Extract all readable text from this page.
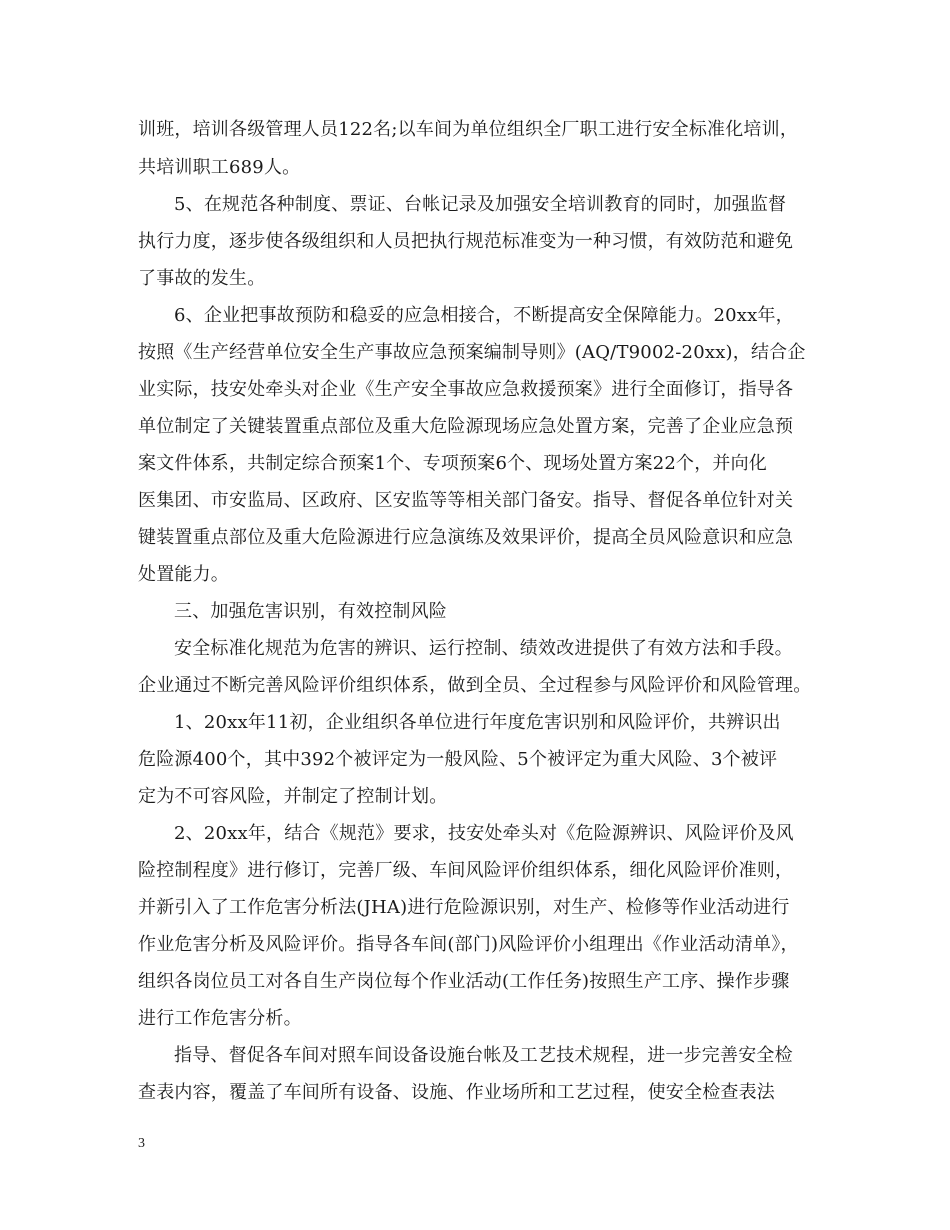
训班，培训各级管理人员122名;以车间为单位组织全厂职工进行安全标准化培训，

共培训职工689人。

5、在规范各种制度、票证、台帐记录及加强安全培训教育的同时，加强监督

执行力度，逐步使各级组织和人员把执行规范标准变为一种习惯，有效防范和避免

了事故的发生。

6、企业把事故预防和稳妥的应急相接合，不断提高安全保障能力。20xx年，

按照《生产经营单位安全生产事故应急预案编制导则》(AQ/T9002-20xx)，结合企

业实际，技安处牵头对企业《生产安全事故应急救援预案》进行全面修订，指导各

单位制定了关键装置重点部位及重大危险源现场应急处置方案，完善了企业应急预

案文件体系，共制定综合预案1个、专项预案6个、现场处置方案22个，并向化

医集团、市安监局、区政府、区安监等等相关部门备安。指导、督促各单位针对关

键装置重点部位及重大危险源进行应急演练及效果评价，提高全员风险意识和应急

处置能力。

三、加强危害识别，有效控制风险

安全标准化规范为危害的辨识、运行控制、绩效改进提供了有效方法和手段。

企业通过不断完善风险评价组织体系，做到全员、全过程参与风险评价和风险管理。

1、20xx年11初，企业组织各单位进行年度危害识别和风险评价，共辨识出

危险源400个，其中392个被评定为一般风险、5个被评定为重大风险、3个被评

定为不可容风险，并制定了控制计划。

2、20xx年，结合《规范》要求，技安处牵头对《危险源辨识、风险评价及风

险控制程度》进行修订，完善厂级、车间风险评价组织体系，细化风险评价准则，

并新引入了工作危害分析法(JHA)进行危险源识别，对生产、检修等作业活动进行

作业危害分析及风险评价。指导各车间(部门)风险评价小组理出《作业活动清单》，

组织各岗位员工对各自生产岗位每个作业活动(工作任务)按照生产工序、操作步骤

进行工作危害分析。

指导、督促各车间对照车间设备设施台帐及工艺技术规程，进一步完善安全检

查表内容，覆盖了车间所有设备、设施、作业场所和工艺过程，使安全检查表法

3
